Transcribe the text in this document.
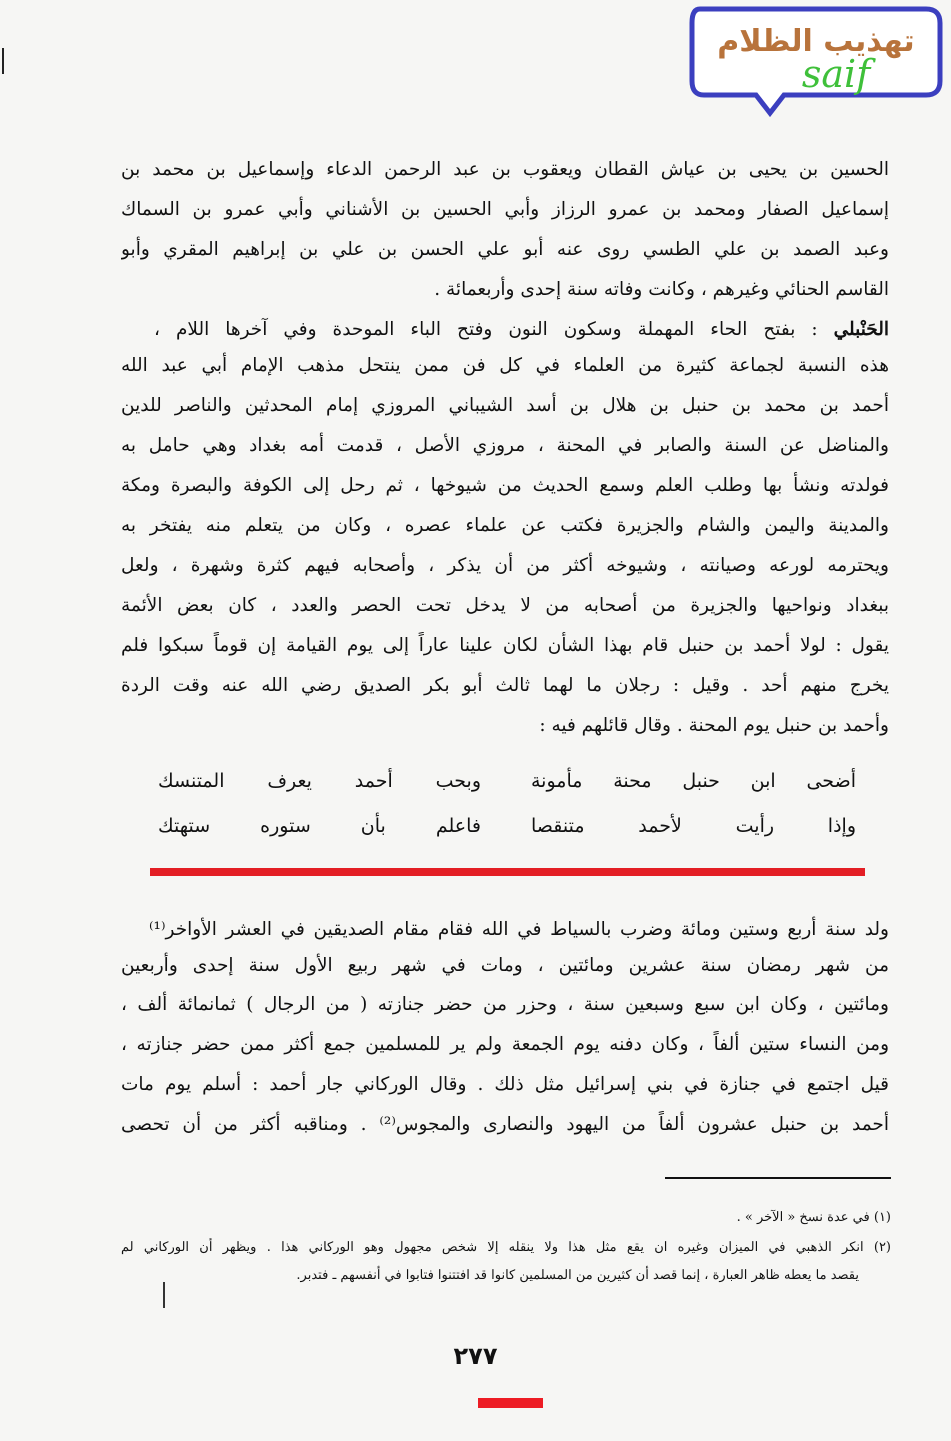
تهذيب الظلام
saif
الحسين بن يحيى بن عياش القطان ويعقوب بن عبد الرحمن الدعاء وإسماعيل بن محمد بن
إسماعيل الصفار ومحمد بن عمرو الرزاز وأبي الحسين بن الأشناني وأبي عمرو بن السماك
وعبد الصمد بن علي الطسي روى عنه أبو علي الحسن بن علي بن إبراهيم المقري وأبو
القاسم الحنائي وغيرهم ، وكانت وفاته سنة إحدى وأربعمائة .
الحَنْبلي : بفتح الحاء المهملة وسكون النون وفتح الباء الموحدة وفي آخرها اللام ،
هذه النسبة لجماعة كثيرة من العلماء في كل فن ممن ينتحل مذهب الإمام أبي عبد الله
أحمد بن محمد بن حنبل بن هلال بن أسد الشيباني المروزي إمام المحدثين والناصر للدين
والمناضل عن السنة والصابر في المحنة ، مروزي الأصل ، قدمت أمه بغداد وهي حامل به
فولدته ونشأ بها وطلب العلم وسمع الحديث من شيوخها ، ثم رحل إلى الكوفة والبصرة ومكة
والمدينة واليمن والشام والجزيرة فكتب عن علماء عصره ، وكان من يتعلم منه يفتخر به
ويحترمه لورعه وصيانته ، وشيوخه أكثر من أن يذكر ، وأصحابه فيهم كثرة وشهرة ، ولعل
ببغداد ونواحيها والجزيرة من أصحابه من لا يدخل تحت الحصر والعدد ، كان بعض الأئمة
يقول : لولا أحمد بن حنبل قام بهذا الشأن لكان علينا عاراً إلى يوم القيامة إن قوماً سبكوا فلم
يخرج منهم أحد . وقيل : رجلان ما لهما ثالث أبو بكر الصديق رضي الله عنه وقت الردة
وأحمد بن حنبل يوم المحنة . وقال قائلهم فيه :
أضحى ابن حنبل محنة مأمونة
وبحب أحمد يعرف المتنسك
وإذا رأيت لأحمد متنقصا
فاعلم بأن ستوره ستهتك
ولد سنة أربع وستين ومائة وضرب بالسياط في الله فقام مقام الصديقين في العشر الأواخر⁽¹⁾
من شهر رمضان سنة عشرين ومائتين ، ومات في شهر ربيع الأول سنة إحدى وأربعين
ومائتين ، وكان ابن سبع وسبعين سنة ، وحزر من حضر جنازته ( من الرجال ) ثمانمائة ألف ،
ومن النساء ستين ألفاً ، وكان دفنه يوم الجمعة ولم ير للمسلمين جمع أكثر ممن حضر جنازته ،
قيل اجتمع في جنازة في بني إسرائيل مثل ذلك . وقال الوركاني جار أحمد : أسلم يوم مات
أحمد بن حنبل عشرون ألفاً من اليهود والنصارى والمجوس⁽²⁾ . ومناقبه أكثر من أن تحصى
(١) في عدة نسخ « الآخر » .
(٢) انكر الذهبي في الميزان وغيره ان يقع مثل هذا ولا ينقله إلا شخص مجهول وهو الوركاني هذا . ويظهر أن الوركاني لم
يقصد ما يعطه ظاهر العبارة ، إنما قصد أن كثيرين من المسلمين كانوا قد افتتنوا فتابوا في أنفسهم ـ فتدبر.
٢٧٧
